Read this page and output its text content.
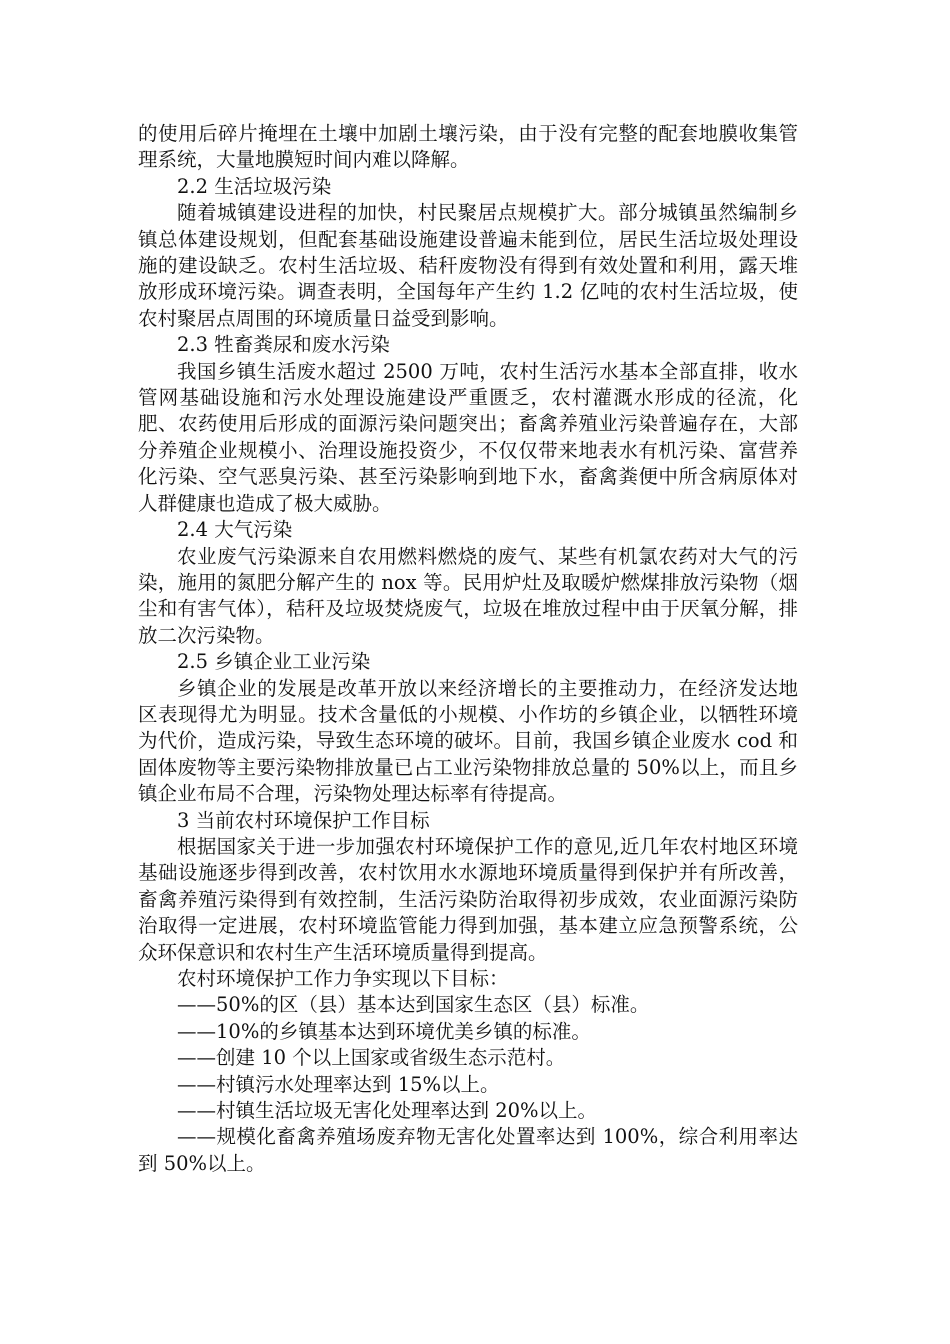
的使用后碎片掩埋在土壤中加剧土壤污染，由于没有完整的配套地膜收集管理系统，大量地膜短时间内难以降解。

2.2 生活垃圾污染

随着城镇建设进程的加快，村民聚居点规模扩大。部分城镇虽然编制乡镇总体建设规划，但配套基础设施建设普遍未能到位，居民生活垃圾处理设施的建设缺乏。农村生活垃圾、秸秆废物没有得到有效处置和利用，露天堆放形成环境污染。调查表明，全国每年产生约 1.2 亿吨的农村生活垃圾，使农村聚居点周围的环境质量日益受到影响。

2.3 牲畜粪尿和废水污染

我国乡镇生活废水超过 2500 万吨，农村生活污水基本全部直排，收水管网基础设施和污水处理设施建设严重匮乏，农村灌溉水形成的径流，化肥、农药使用后形成的面源污染问题突出；畜禽养殖业污染普遍存在，大部分养殖企业规模小、治理设施投资少，不仅仅带来地表水有机污染、富营养化污染、空气恶臭污染、甚至污染影响到地下水，畜禽粪便中所含病原体对人群健康也造成了极大威胁。

2.4 大气污染

农业废气污染源来自农用燃料燃烧的废气、某些有机氯农药对大气的污染，施用的氮肥分解产生的 nox 等。民用炉灶及取暖炉燃煤排放污染物（烟尘和有害气体），秸秆及垃圾焚烧废气，垃圾在堆放过程中由于厌氧分解，排放二次污染物。

2.5 乡镇企业工业污染

乡镇企业的发展是改革开放以来经济增长的主要推动力，在经济发达地区表现得尤为明显。技术含量低的小规模、小作坊的乡镇企业，以牺牲环境为代价，造成污染，导致生态环境的破坏。目前，我国乡镇企业废水 cod 和固体废物等主要污染物排放量已占工业污染物排放总量的 50%以上，而且乡镇企业布局不合理，污染物处理达标率有待提高。

3 当前农村环境保护工作目标

根据国家关于进一步加强农村环境保护工作的意见,近几年农村地区环境基础设施逐步得到改善，农村饮用水水源地环境质量得到保护并有所改善，畜禽养殖污染得到有效控制，生活污染防治取得初步成效，农业面源污染防治取得一定进展，农村环境监管能力得到加强，基本建立应急预警系统，公众环保意识和农村生产生活环境质量得到提高。

农村环境保护工作力争实现以下目标：

——50%的区（县）基本达到国家生态区（县）标准。

——10%的乡镇基本达到环境优美乡镇的标准。

——创建 10 个以上国家或省级生态示范村。

——村镇污水处理率达到 15%以上。

——村镇生活垃圾无害化处理率达到 20%以上。

——规模化畜禽养殖场废弃物无害化处置率达到 100%，综合利用率达到 50%以上。
